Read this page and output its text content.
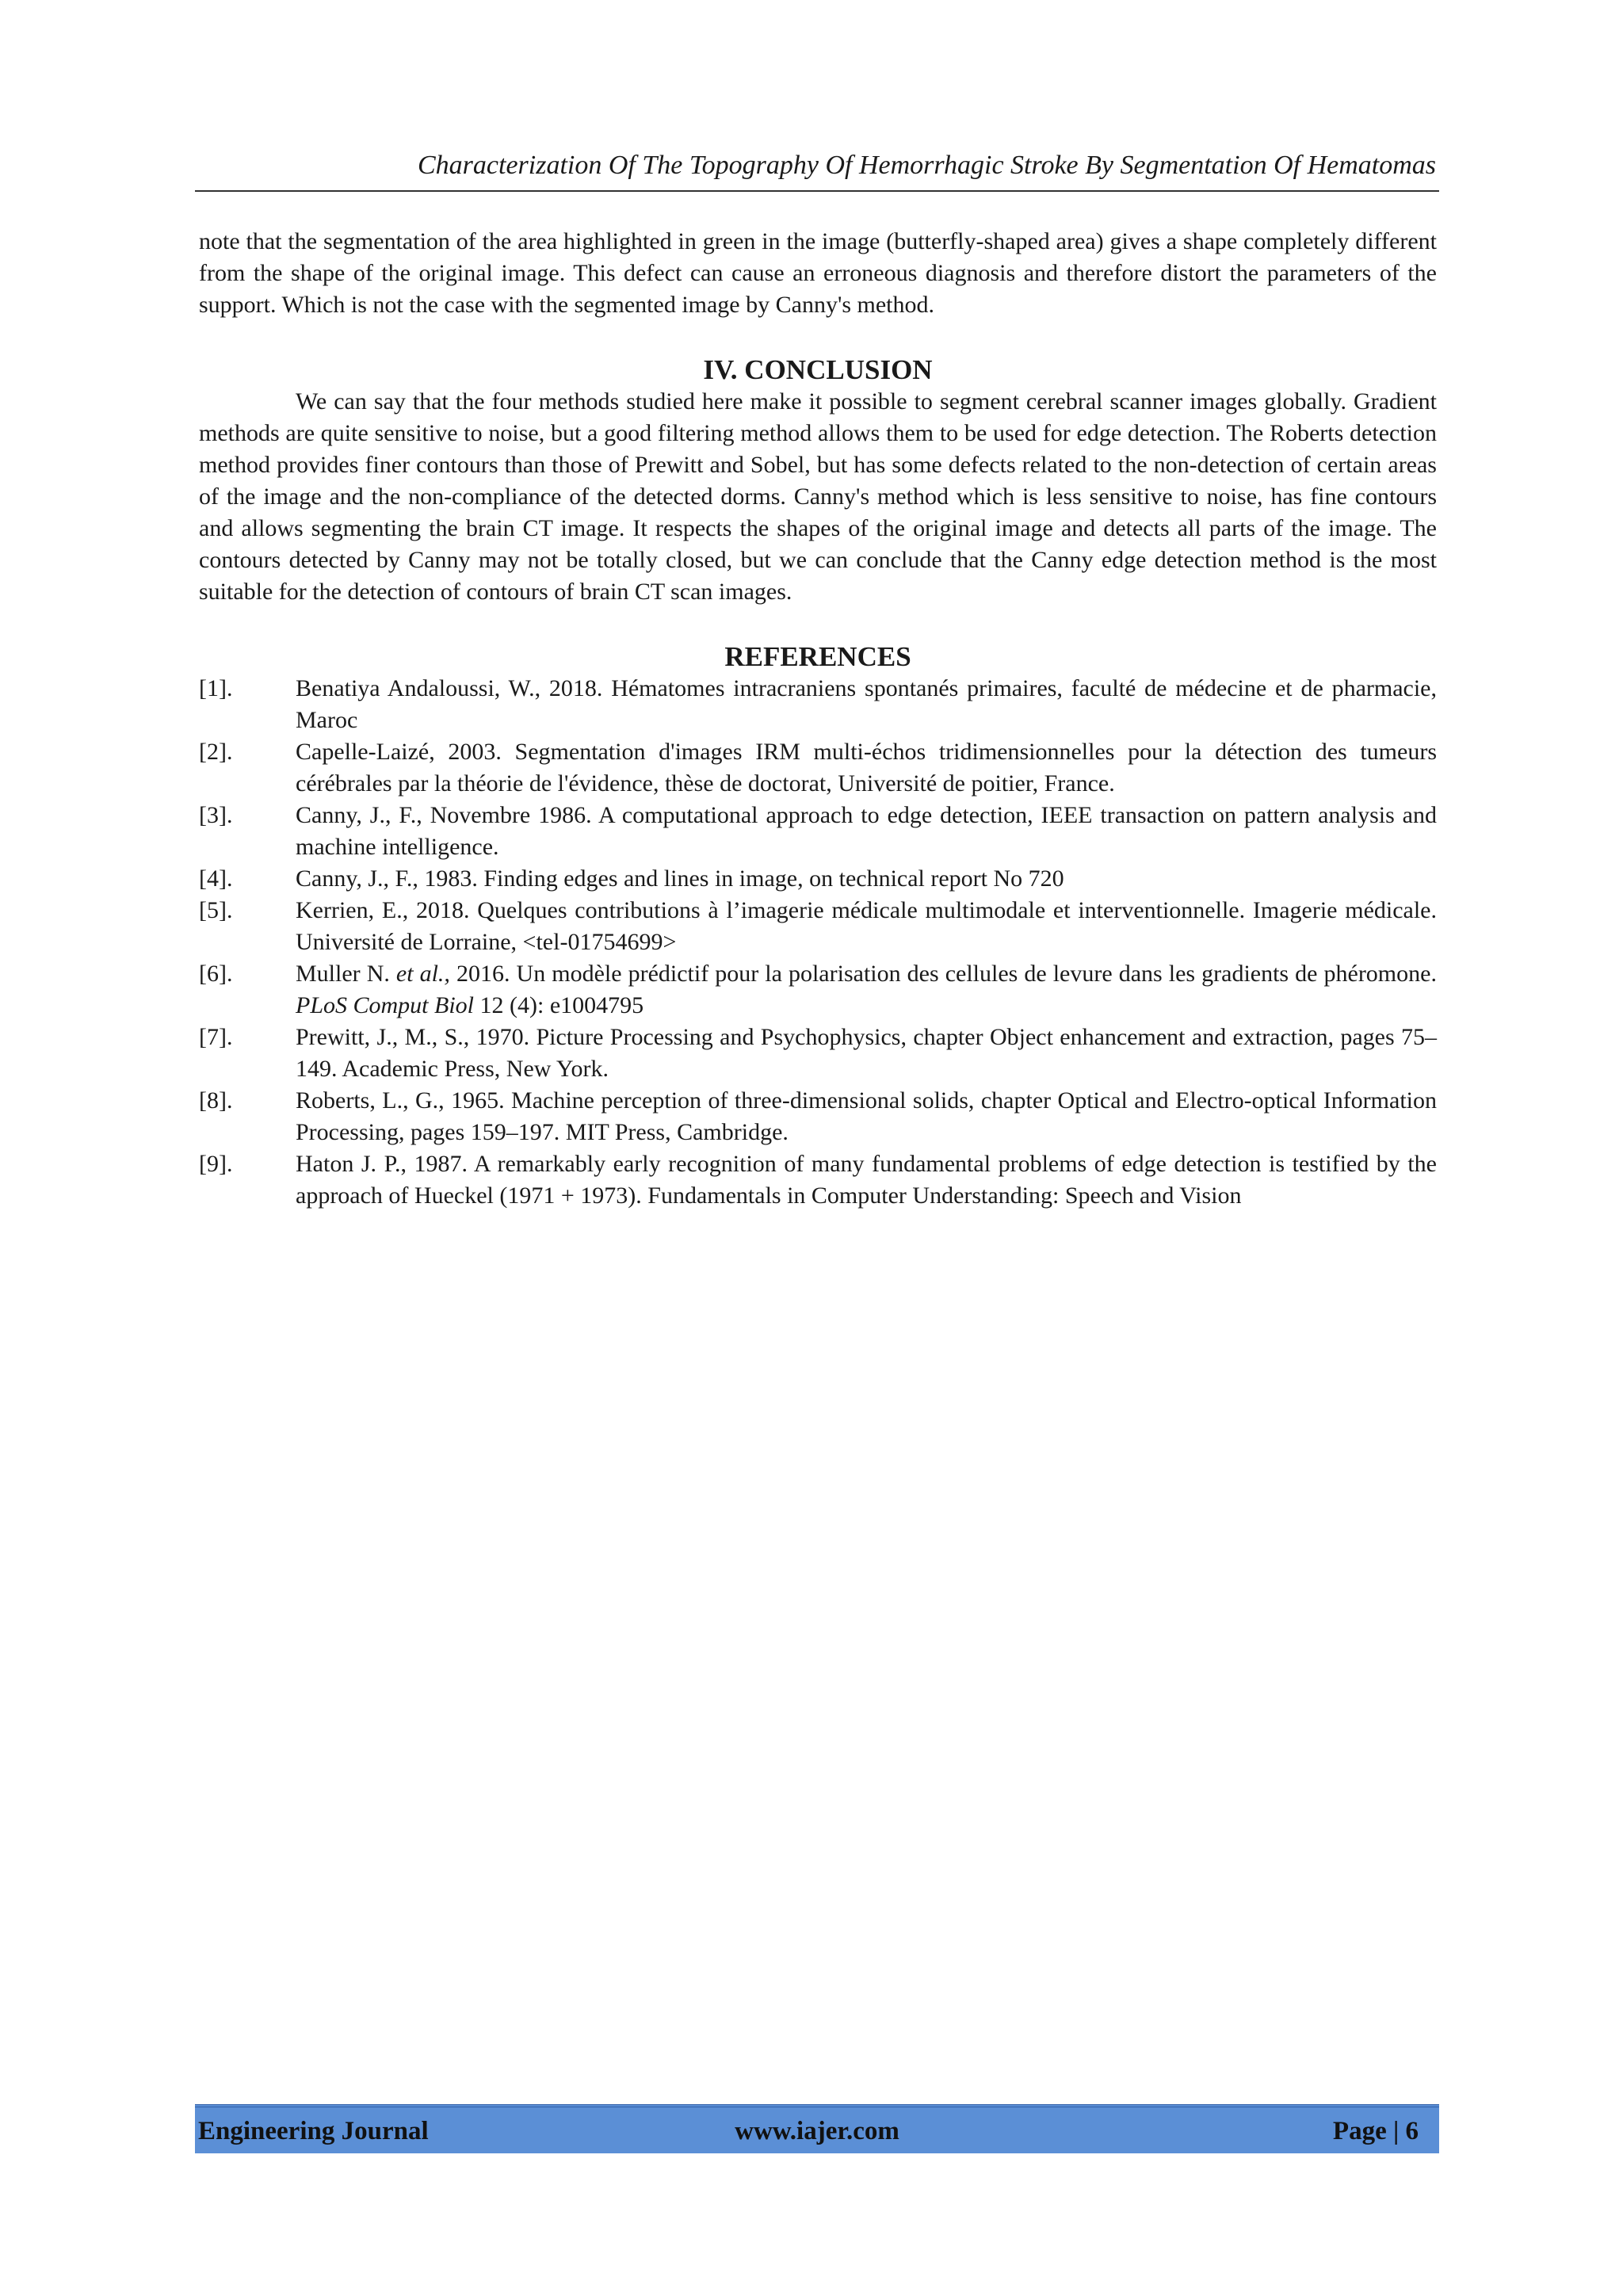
Characterization Of The Topography Of Hemorrhagic Stroke By Segmentation Of Hematomas

note that the segmentation of the area highlighted in green in the image (butterfly-shaped area) gives a shape completely different from the shape of the original image. This defect can cause an erroneous diagnosis and therefore distort the parameters of the support. Which is not the case with the segmented image by Canny's method.

IV. CONCLUSION

We can say that the four methods studied here make it possible to segment cerebral scanner images globally. Gradient methods are quite sensitive to noise, but a good filtering method allows them to be used for edge detection. The Roberts detection method provides finer contours than those of Prewitt and Sobel, but has some defects related to the non-detection of certain areas of the image and the non-compliance of the detected dorms. Canny's method which is less sensitive to noise, has fine contours and allows segmenting the brain CT image. It respects the shapes of the original image and detects all parts of the image. The contours detected by Canny may not be totally closed, but we can conclude that the Canny edge detection method is the most suitable for the detection of contours of brain CT scan images.

REFERENCES
[1].	Benatiya Andaloussi, W., 2018. Hématomes intracraniens spontanés primaires, faculté de médecine et de pharmacie, Maroc
[2].	Capelle-Laizé, 2003. Segmentation d'images IRM multi-échos tridimensionnelles pour la détection des tumeurs cérébrales par la théorie de l'évidence, thèse de doctorat, Université de poitier, France.
[3].	Canny, J., F., Novembre 1986. A computational approach to edge detection, IEEE transaction on pattern analysis and machine intelligence.
[4].	Canny, J., F., 1983. Finding edges and lines in image, on technical report No 720
[5].	Kerrien, E., 2018. Quelques contributions à l’imagerie médicale multimodale et interventionnelle. Imagerie médicale. Université de Lorraine, <tel-01754699>
[6].	Muller N. et al., 2016. Un modèle prédictif pour la polarisation des cellules de levure dans les gradients de phéromone. PLoS Comput Biol 12 (4): e1004795
[7].	Prewitt, J., M., S., 1970. Picture Processing and Psychophysics, chapter Object enhancement and extraction, pages 75–149. Academic Press, New York.
[8].	Roberts, L., G., 1965. Machine perception of three-dimensional solids, chapter Optical and Electro-optical Information Processing, pages 159–197. MIT Press, Cambridge.
[9].	Haton J. P., 1987. A remarkably early recognition of many fundamental problems of edge detection is testified by the approach of Hueckel (1971 + 1973). Fundamentals in Computer Understanding: Speech and Vision
Engineering Journal	www.iajer.com	Page | 6
